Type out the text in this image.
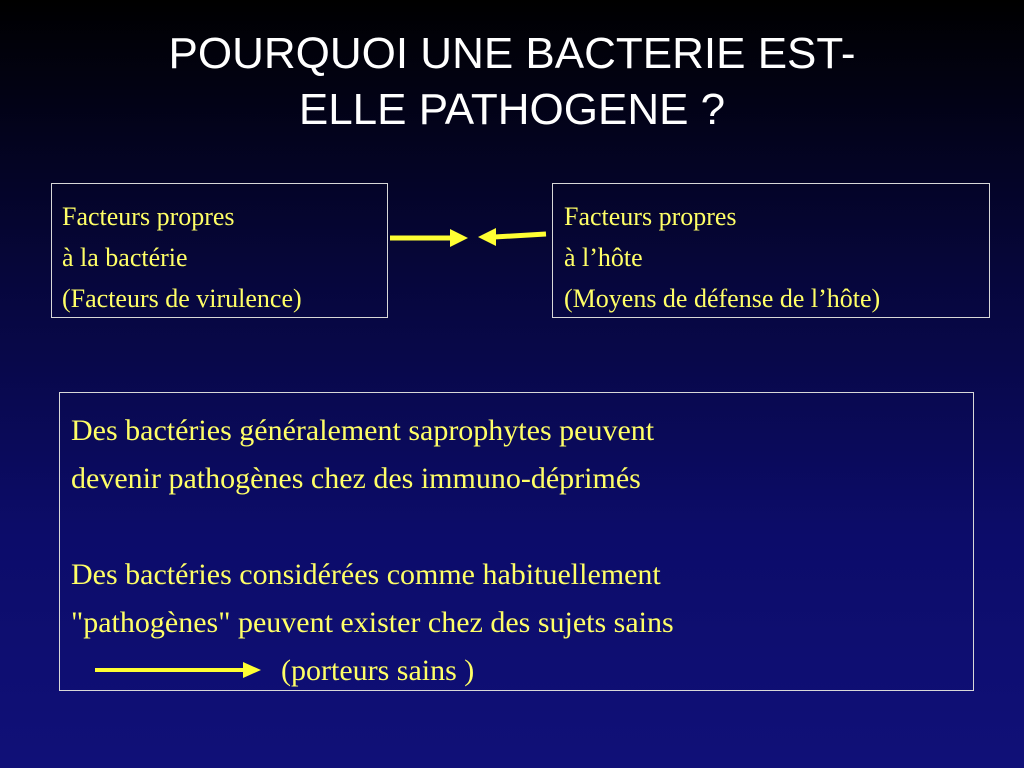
POURQUOI UNE BACTERIE EST-
ELLE PATHOGENE ?
Facteurs propres
à la bactérie
(Facteurs de virulence)
Facteurs propres
à l’hôte
(Moyens de défense de l’hôte)
Des bactéries généralement saprophytes peuvent
devenir pathogènes chez des immuno-déprimés
Des bactéries considérées comme habituellement
"pathogènes" peuvent exister chez des sujets sains
(porteurs sains )
